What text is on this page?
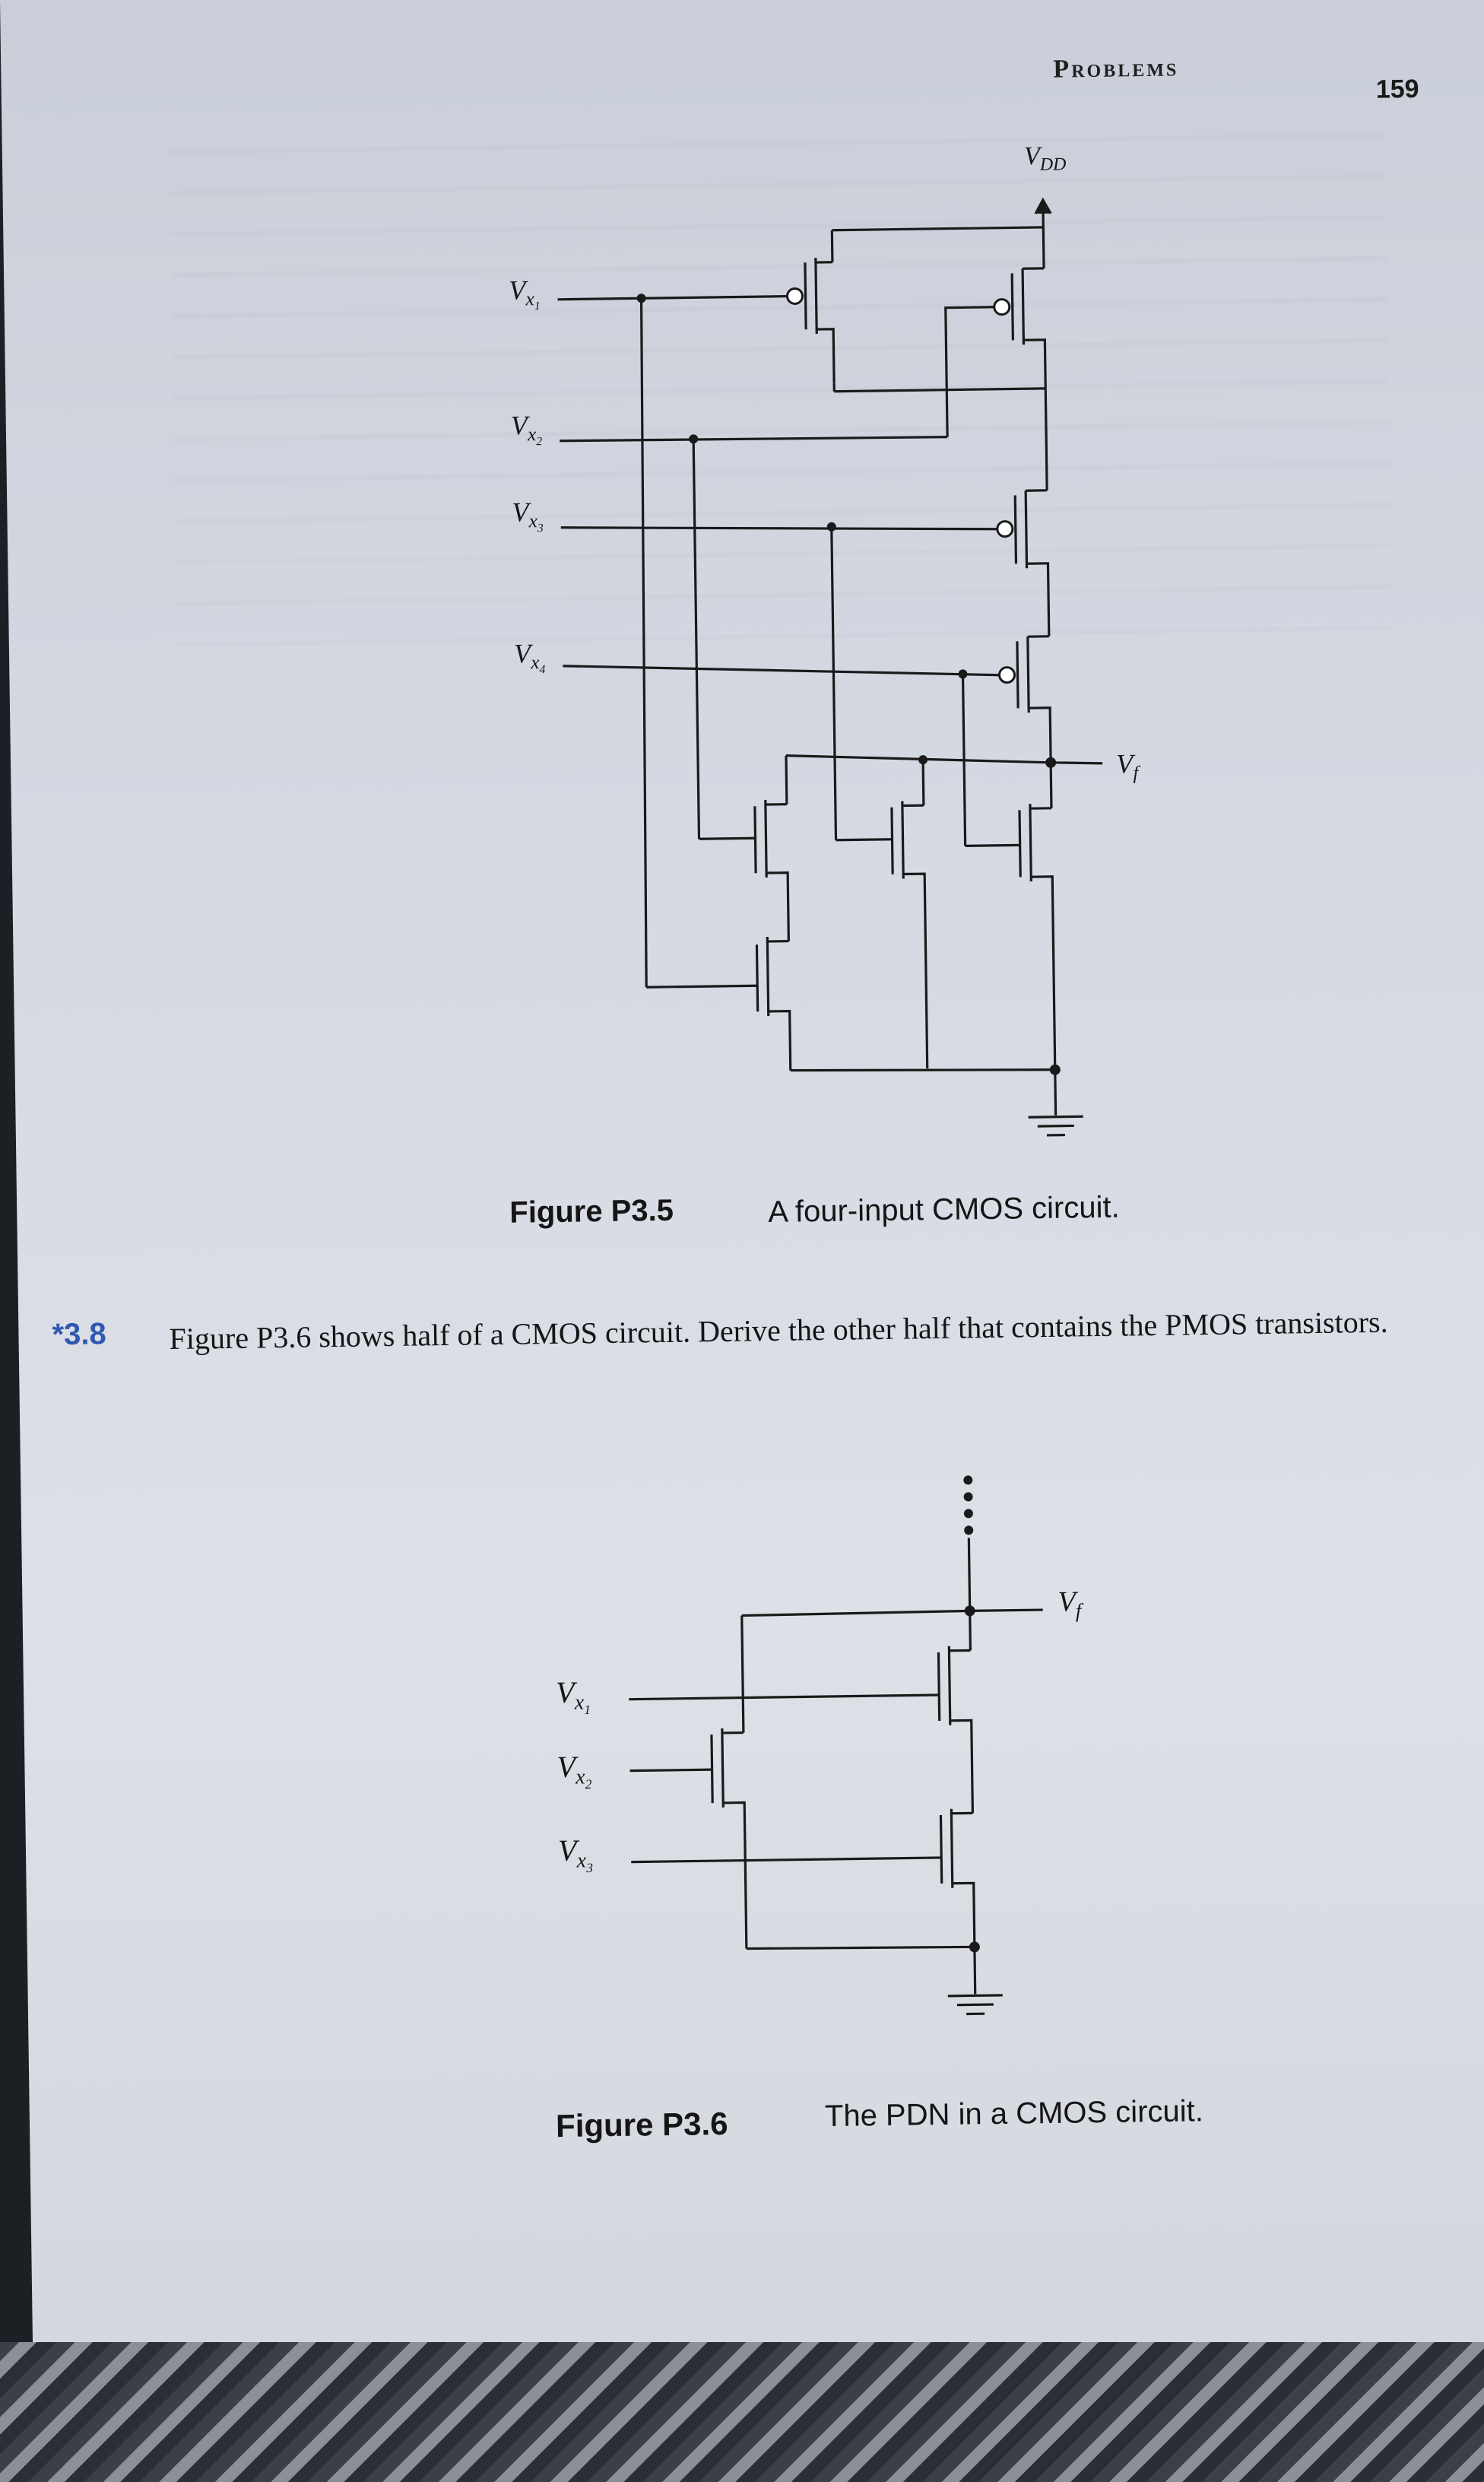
Problems
159
$V_{DD}$
$V_f$
$V_{x_1}$
$V_{x_2}$
$V_{x_3}$
$V_{x_4}$
Figure P3.5	A four-input CMOS circuit.
*3.8 Figure P3.6 shows half of a CMOS circuit. Derive the other half that contains the PMOS transistors.
$V_f$
$V_{x_1}$
$V_{x_2}$
$V_{x_3}$
Figure P3.6	The PDN in a CMOS circuit.
